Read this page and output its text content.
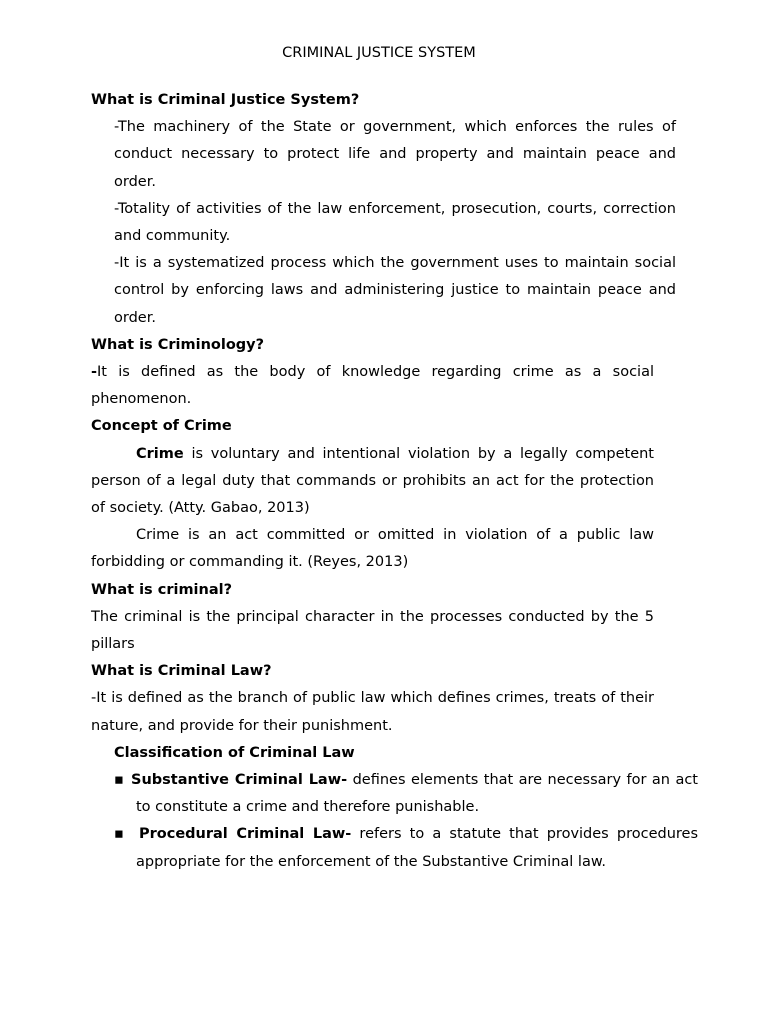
CRIMINAL JUSTICE SYSTEM

What is Criminal Justice System?

-The machinery of the State or government, which enforces the rules of conduct necessary to protect life and property and maintain peace and order.

-Totality of activities of the law enforcement, prosecution, courts, correction and community.

-It is a systematized process which the government uses to maintain social control by enforcing laws and administering justice to maintain peace and order.

What is Criminology?

-It is defined as the body of knowledge regarding crime as a social phenomenon.

Concept of Crime

Crime is voluntary and intentional violation by a legally competent person of a legal duty that commands or prohibits an act for the protection of society. (Atty. Gabao, 2013)

Crime is an act committed or omitted in violation of a public law forbidding or commanding it. (Reyes, 2013)

What is criminal?

The criminal is the principal character in the processes conducted by the 5 pillars

What is Criminal Law?

-It is defined as the branch of public law which defines crimes, treats of their nature, and provide for their punishment.

Classification of Criminal Law

▪ Substantive Criminal Law- defines elements that are necessary for an act to constitute a crime and therefore punishable.

▪ Procedural Criminal Law- refers to a statute that provides procedures appropriate for the enforcement of the Substantive Criminal law.
